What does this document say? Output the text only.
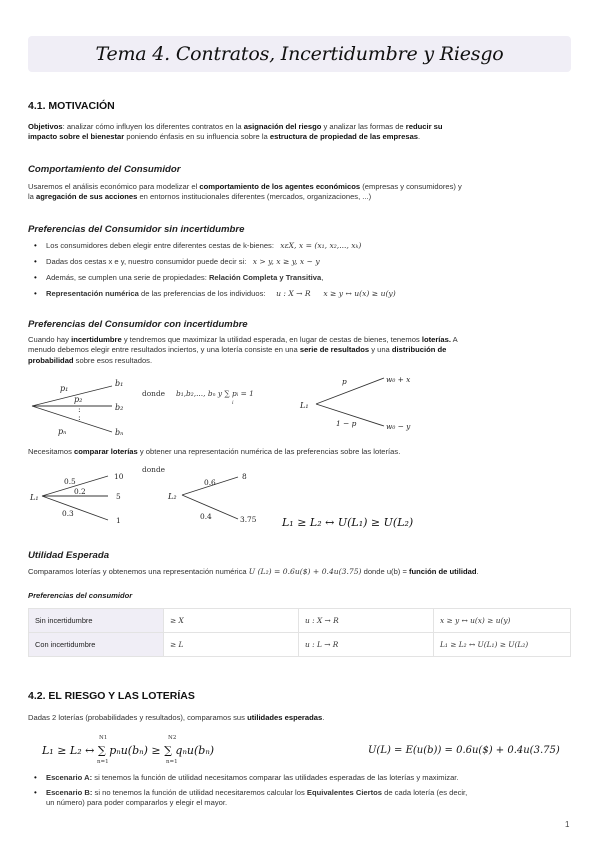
Tema 4. Contratos, Incertidumbre y Riesgo
4.1. MOTIVACIÓN
Objetivos: analizar cómo influyen los diferentes contratos en la asignación del riesgo y analizar las formas de reducir su
impacto sobre el bienestar poniendo énfasis en su influencia sobre la estructura de propiedad de las empresas.
Comportamiento del Consumidor
Usaremos el análisis económico para modelizar el comportamiento de los agentes económicos (empresas y consumidores) y
la agregación de sus acciones en entornos institucionales diferentes (mercados, organizaciones, ...)
Preferencias del Consumidor sin incertidumbre
• Los consumidores deben elegir entre diferentes cestas de k-bienes: xεX, x = (x₁, x₂,..., xₖ)
• Dadas dos cestas x e y, nuestro consumidor puede decir si: x > y, x ≥ y, x ~ y
• Además, se cumplen una serie de propiedades: Relación Completa y Transitiva,
• Representación numérica de las preferencias de los individuos: u : X → R x ≥ y ↔ u(x) ≥ u(y)
Preferencias del Consumidor con incertidumbre
Cuando hay incertidumbre y tendremos que maximizar la utilidad esperada, en lugar de cestas de bienes, tenemos loterías. A
menudo debemos elegir entre resultados inciertos, y una lotería consiste en una serie de resultados y una distribución de
probabilidad sobre esos resultados.
:
:
p₁
p₂
pₙ
b₁
b₂
bₙ
donde b₁,b₂,..., bₙ y ∑ pᵢ = 1
i	L₁
p
1 − p
w₀ + x
w₀ − y
Necesitamos comparar loterías y obtener una representación numérica de las preferencias sobre las loterías.
L₁
0.5
0.2
0.3
10
5
1
donde
L₂
0.6
0.4
8
3.75 L₁ ≥ L₂ ↔ U(L₁) ≥ U(L₂)
Utilidad Esperada
Comparamos loterías y obtenemos una representación numérica U (L₂) = 0.6u($) + 0.4u(3.75) donde u(b) = función de utilidad.
Preferencias del consumidor
Sin incertidumbre	≥ X	u : X → R	x ≥ y ↔ u(x) ≥ u(y)
Con incertidumbre	≥ L	u : L → R	L₁ ≥ L₂ ↔ U(L₁) ≥ U(L₂)
4.2. EL RIESGO Y LAS LOTERÍAS
Dadas 2 loterías (probabilidades y resultados), comparamos sus utilidades esperadas.
L₁ ≥ L₂ ↔ ∑ pₙu(bₙ) ≥ ∑ qₙu(bₙ)
N1
n=1
N2
n=1
U(L) = E(u(b)) = 0.6u($) + 0.4u(3.75)
• Escenario A: si tenemos la función de utilidad necesitamos comparar las utilidades esperadas de las loterías y maximizar.
• Escenario B: si no tenemos la función de utilidad necesitaremos calcular los Equivalentes Ciertos de cada lotería (es decir,
un número) para poder compararlos y elegir el mayor.
1
